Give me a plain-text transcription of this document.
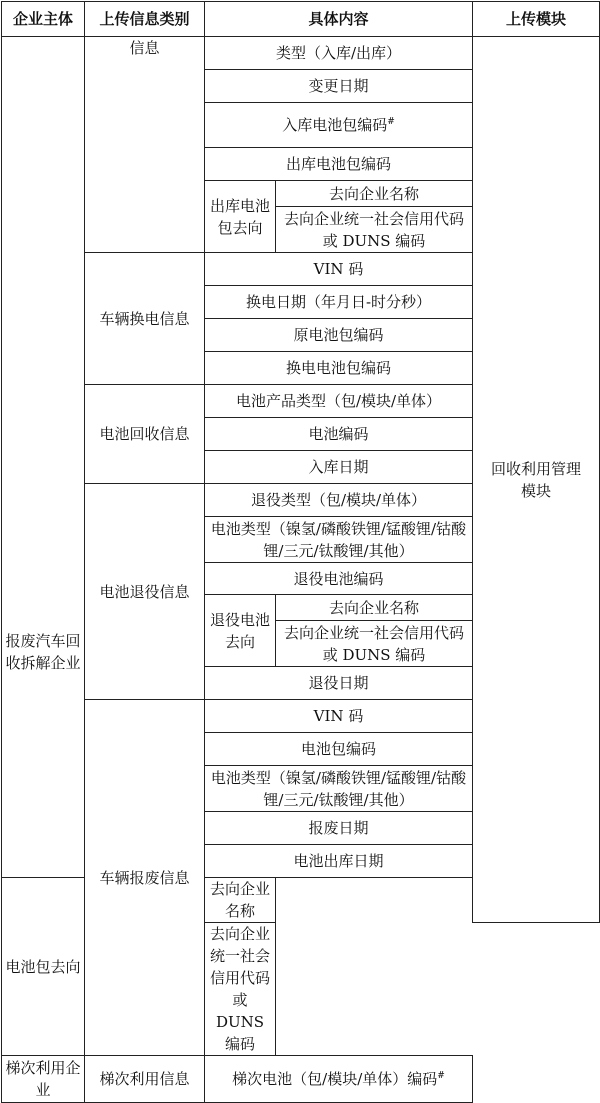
企业主体	上传信息类别	具体内容		上传模块

报废汽车回收拆解企业	信息	类型（入库/出库）		回收利用管理模块

		变更日期		
		入库电池包编码#
		出库电池包编码		
		出库电池包去向	去向企业名称	
			去向企业统一社会信用代码或 DUNS 编码	
	车辆换电信息	VIN 码		
		换电日期（年月日-时分秒）		
		原电池包编码		
		换电电池包编码		
	电池回收信息	电池产品类型（包/模块/单体）		
		电池编码		
		入库日期		
	电池退役信息	退役类型（包/模块/单体）		
		电池类型（镍氢/磷酸铁锂/锰酸锂/钴酸锂/三元/钛酸锂/其他）		
		退役电池编码		
		退役电池去向	去向企业名称	
			去向企业统一社会信用代码或 DUNS 编码	
		退役日期		
	车辆报废信息	VIN 码		
		电池包编码		
		电池类型（镍氢/磷酸铁锂/锰酸锂/钴酸锂/三元/钛酸锂/其他）		
		报废日期		
		电池出库日期		
电池包去向		去向企业名称		
		去向企业统一社会信用代码或 DUNS 编码		
梯次利用企业	梯次利用信息	梯次电池（包/模块/单体）编码#
